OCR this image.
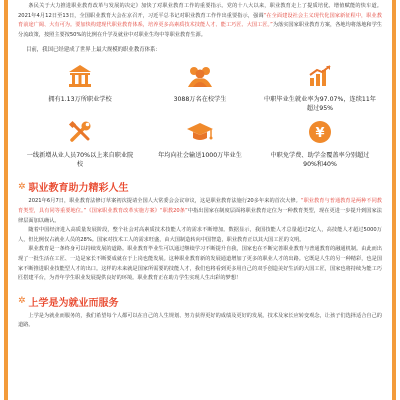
条民关于大力推进职业教育改革与发展的决定》加快了对职业教育工作的重要指示。党的十八大以来，职业教育走上了提质培优、增值赋能的快车道。2021年4月12日至13日，全国职业教育大会在京召开，习近平总书记对职业教育工作作出重要指示，强调“在全面建设社会主义现代化国家新征程中，职业教育前途广阔、大有可为。要加快构建现代职业教育体系，培养更多高素质技术技能人才、能工巧匠、大国工匠。”为落实国家职业教育方案，各地均将落地和学生分流政策，按照主要按50%的比例在升学及就业中对职业生均中等职业教育生源。

目前，我国已经建成了世界上最大规模的职业教育体系：
拥有1.13万所职业学校	3088万名在校学生	中职毕业生就业率为97.07%，连续11年超过95%
一线新增从业人员70%以上来自职业院校
年均向社会输送1000万毕业生
¥
中职免学费、助学金覆盖率分别超过90%和40%
✲ 职业教育助力精彩人生

2021年6月7日，职业教育法修订草案初次提请全国人大常委会会议审议，这是职业教育法施行20多年来的首次大修。“职业教育与普通教育是两种不同教育类型，具有同等重要地位。”《国家职业教育改革实施方案》“职教20条”中指出国家在制度层面将职业教育定位为一种教育类型，现在更进一步提升到国家法律层面加以确认。

随着中国经济进入高质量发展阶段，整个社会对高素质技术技能人才的需求不断增加。数据显示，我国技能人才总量超过2亿人，高技能人才超过5000万人，但比例仅占就业人员的28%。国家对技术工人的需求旺盛，由大国制造转向中国智造，职业教育正以其大国工匠的文明。

职业教育是一条终身可以持续发展的道路。职业教育毕业生可以通过继续学习不断提升自我，国家也在不断完善职业教育与普通教育的融通机制。由此而出现了一批生活在工匠、一边是家长不断要成就在于上岗也能发展。这种职业教育新的发展通道增加了更多的职业人才的出路。它既是人生的另一种精彩，也是国家不断推进职业技能型人才的出口。这样的未来就是国家所需要的技能人才，我们也将看到更多用自己的双手创造美好生活的大国工匠，国家也将持续为能工巧匠搭建平台，为青年学生职业发展提供良好的环境。职业教育正在助力学生实现人生出彩的梦想！

✲ 上学是为就业而服务

上学是为就业而服务的，我们希望每个人都可以在自己的人生规划、努力获得更好的成绩及更好的发展。技术及家长应转变观念，让孩子们选择适合自己的道路。
